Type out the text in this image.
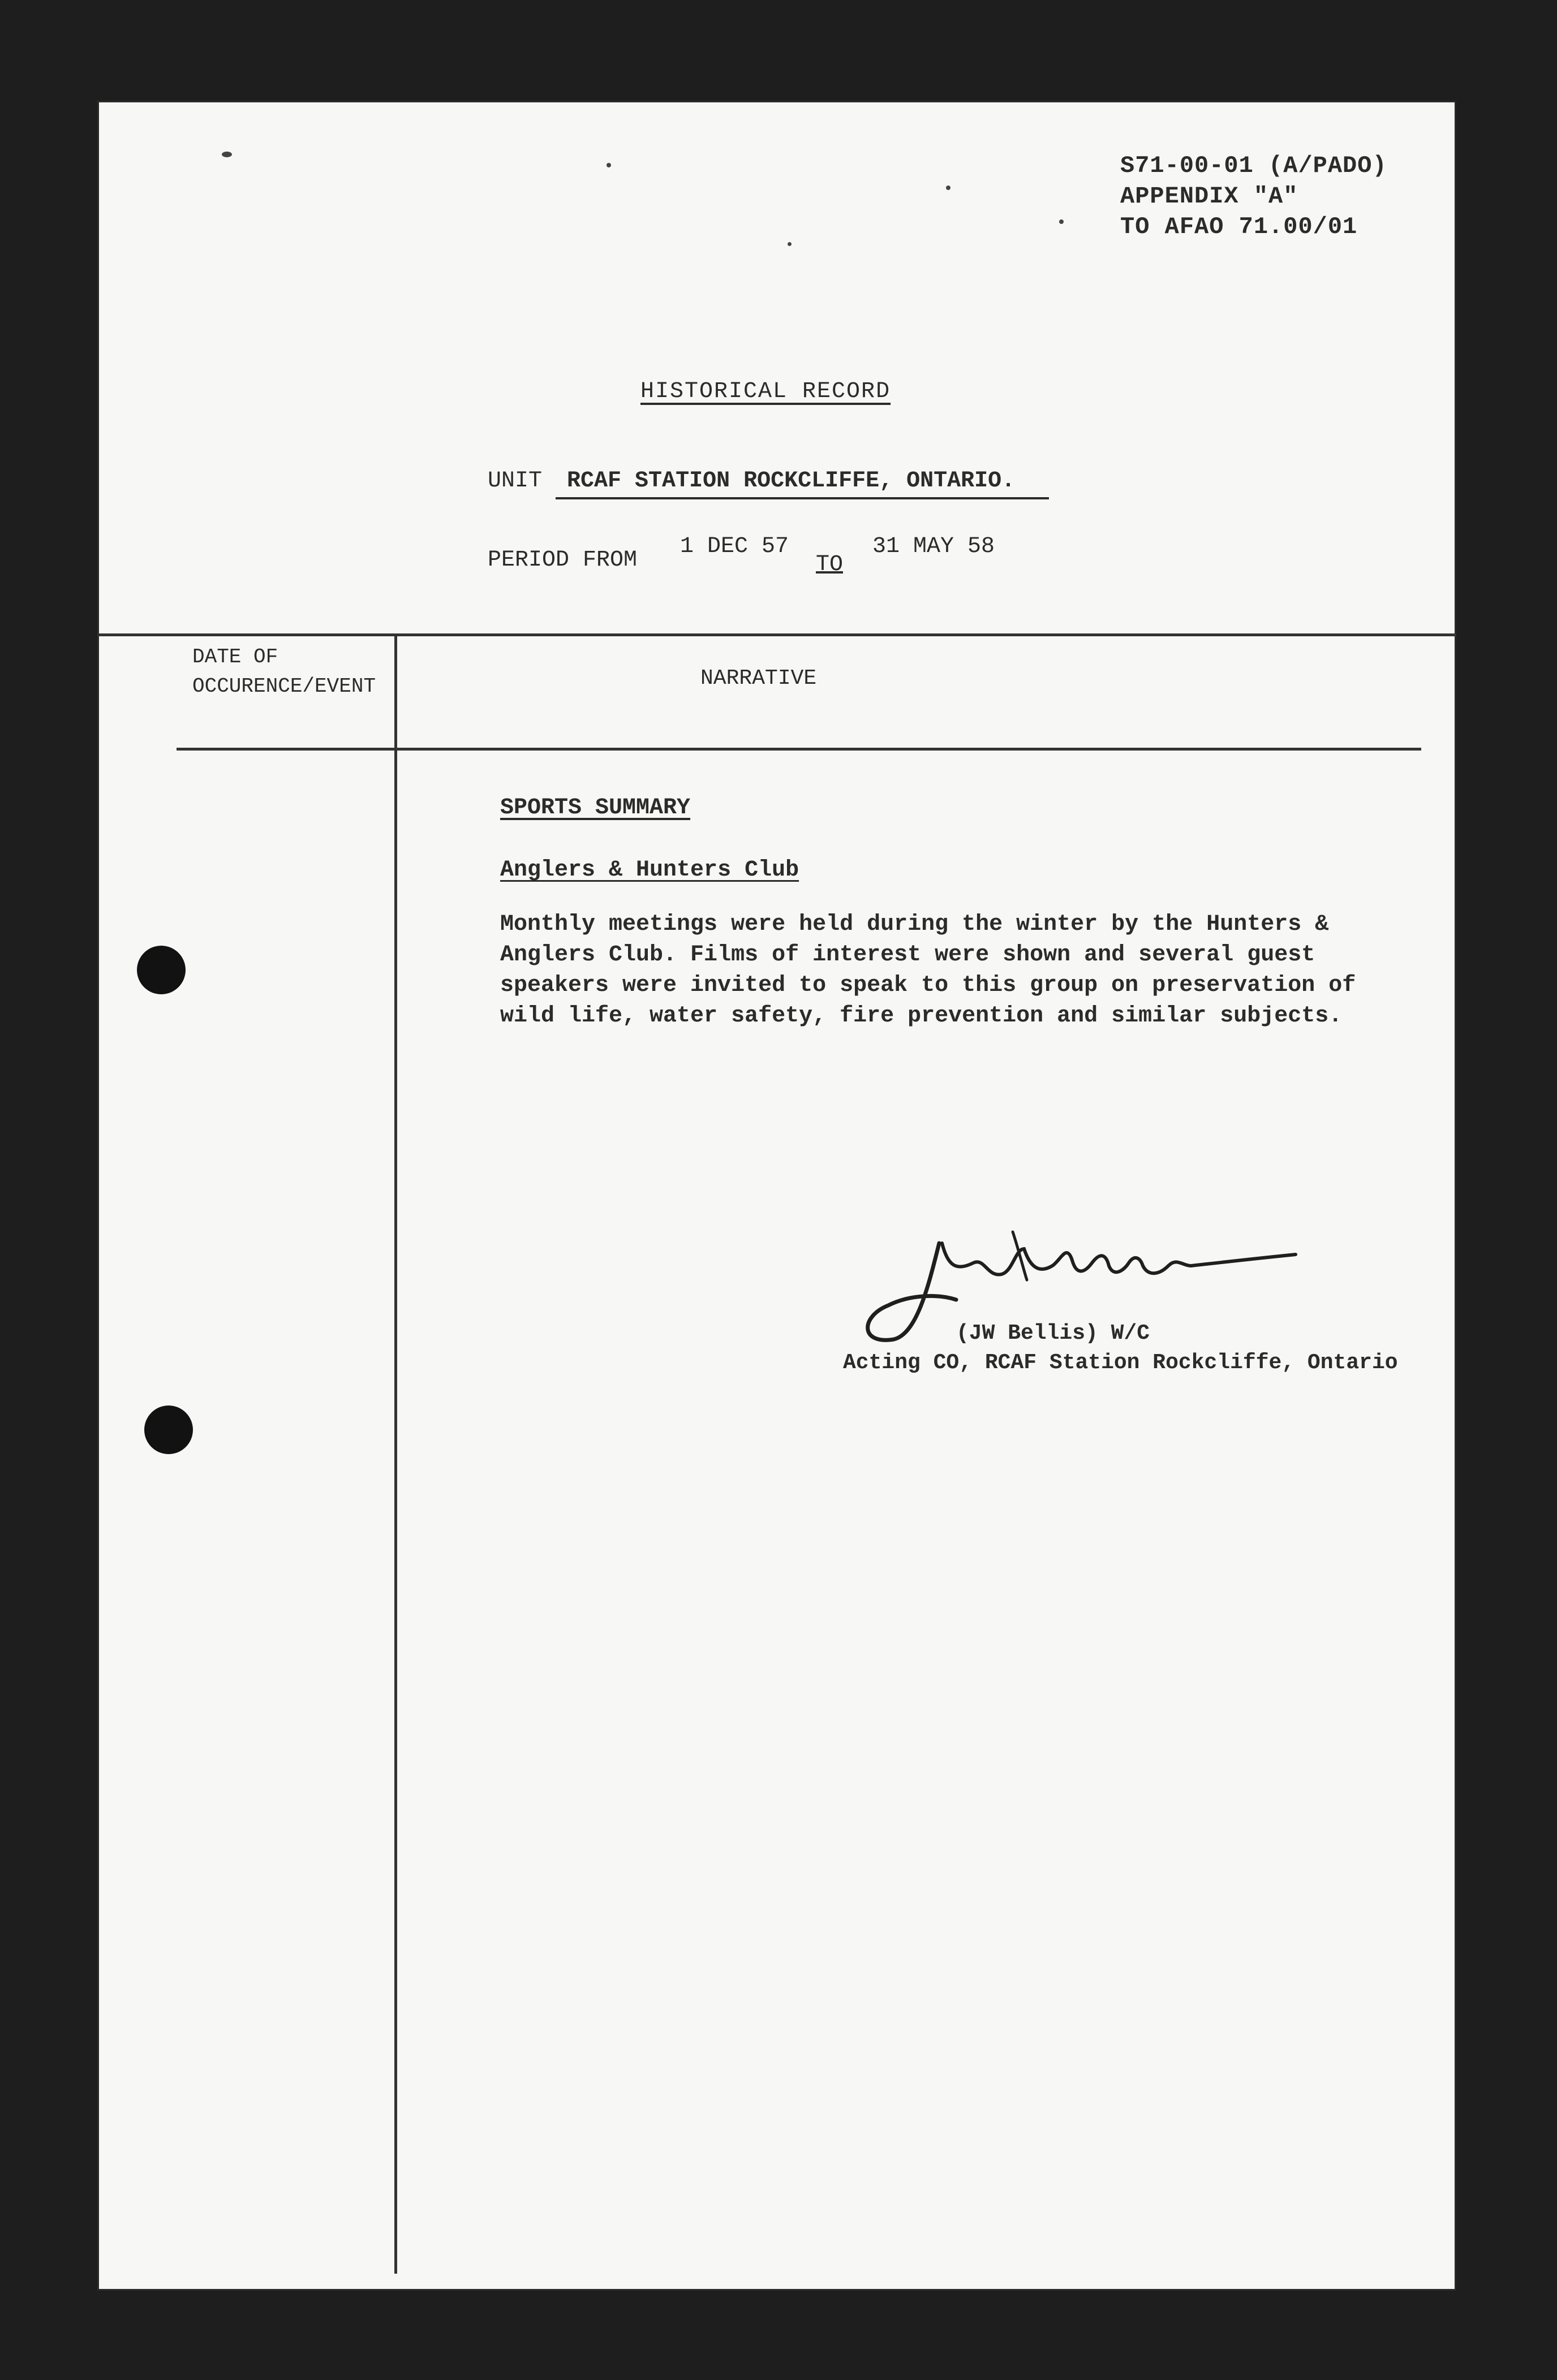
S71-00-01 (A/PADO)
APPENDIX "A"
TO AFAO 71.00/01
HISTORICAL RECORD
UNIT RCAF STATION ROCKCLIFFE, ONTARIO.
PERIOD FROM
1 DEC 57
TO
31 MAY 58
DATE OF
OCCURENCE/EVENT	NARRATIVE
SPORTS SUMMARY
Anglers & Hunters Club
Monthly meetings were held during the winter by the Hunters &
Anglers Club. Films of interest were shown and several guest
speakers were invited to speak to this group on preservation of
wild life, water safety, fire prevention and similar subjects.
(JW Bellis) W/C
Acting CO, RCAF Station Rockcliffe, Ontario
